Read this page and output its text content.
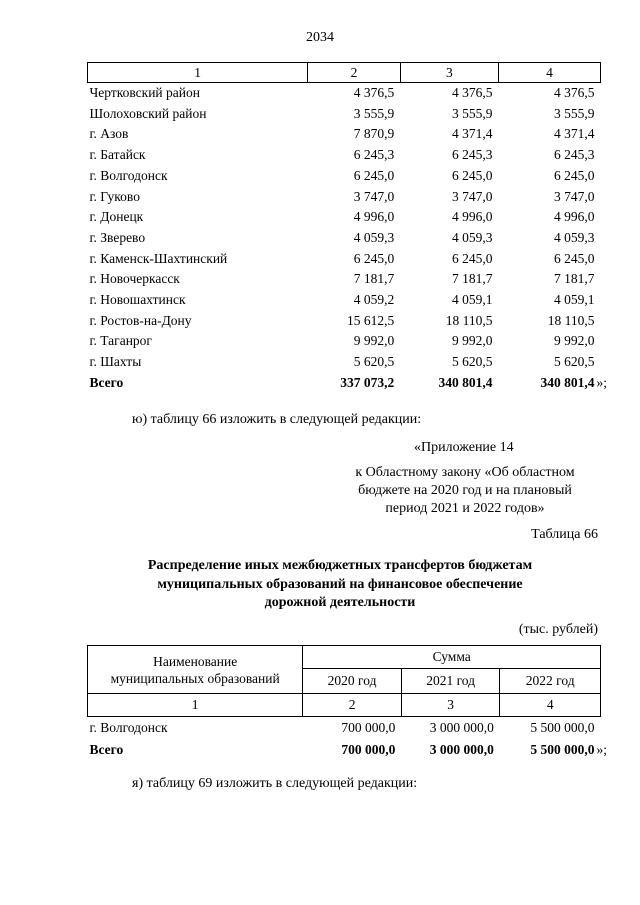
2034
1	2	3	4
Чертковский район	4 376,5	4 376,5	4 376,5
Шолоховский район	3 555,9	3 555,9	3 555,9
г. Азов	7 870,9	4 371,4	4 371,4
г. Батайск	6 245,3	6 245,3	6 245,3
г. Волгодонск	6 245,0	6 245,0	6 245,0
г. Гуково	3 747,0	3 747,0	3 747,0
г. Донецк	4 996,0	4 996,0	4 996,0
г. Зверево	4 059,3	4 059,3	4 059,3
г. Каменск-Шахтинский	6 245,0	6 245,0	6 245,0
г. Новочеркасск	7 181,7	7 181,7	7 181,7
г. Новошахтинск	4 059,2	4 059,1	4 059,1
г. Ростов-на-Дону	15 612,5	18 110,5	18 110,5
г. Таганрог	9 992,0	9 992,0	9 992,0
г. Шахты	5 620,5	5 620,5	5 620,5
Всего	337 073,2	340 801,4	340 801,4 »;
ю) таблицу 66 изложить в следующей редакции:
«Приложение 14
к Областному закону «Об областном
бюджете на 2020 год и на плановый
период 2021 и 2022 годов»
Таблица 66
Распределение иных межбюджетных трансфертов бюджетам
муниципальных образований на финансовое обеспечение
дорожной деятельности
(тыс. рублей)
Наименование
муниципальных образований	Сумма		
	2020 год	2021 год	2022 год
1	2	3	4
г. Волгодонск	700 000,0	3 000 000,0	5 500 000,0
Всего	700 000,0	3 000 000,0	5 500 000,0 »;
я) таблицу 69 изложить в следующей редакции:
